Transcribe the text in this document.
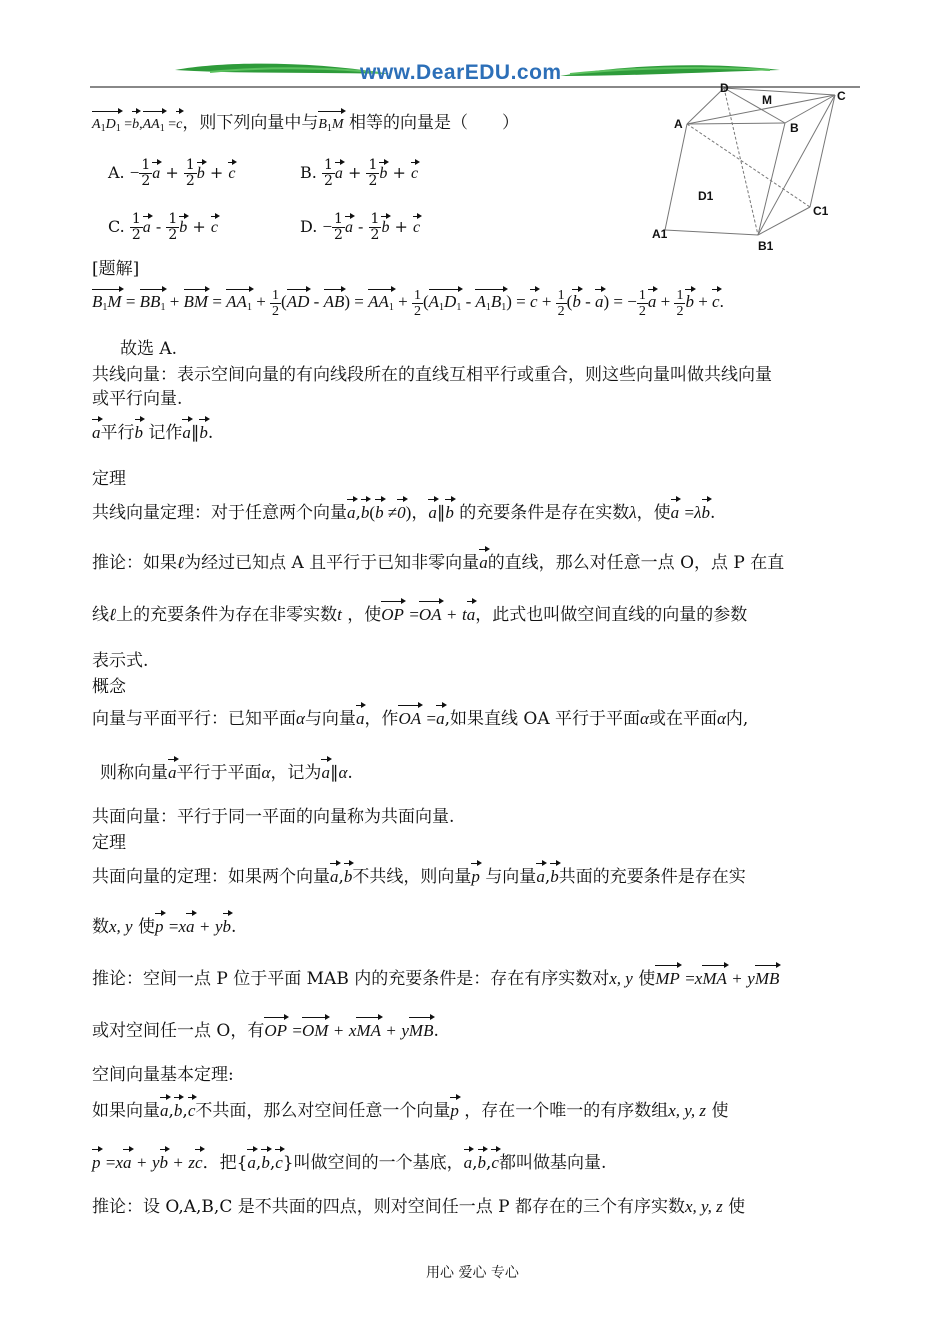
www.DearEDU.com
D
M	C
A	B
D1
C1
A1
B1
$A_1D_1 =b,AA_1 =c$，则下列向量中与$B_1M$ 相等的向量是（　　）
A. − $\frac{1}{2}$ $a + \frac{1}{2}$ b + c	B. $\frac{1}{2}$ $a + \frac{1}{2}$ b + c
C. $\frac{1}{2}$ a - $\frac{1}{2}$ b + c	D. − $\frac{1}{2}$ a - $\frac{1}{2}$ b + c
[题解]
$B_1M = BB_1$ + BM = $AA_1 + \frac{1}{2} (AD - AB) = AA_1 + \frac{1}{2} (A_1D_1 - A_1B_1) = c + \frac{1}{2} (b - a)$ = − $\frac{1}{2}$ $a + \frac{1}{2}$ b + c.
故选 A.
共线向量：表示空间向量的有向线段所在的直线互相平行或重合，则这些向量叫做共线向量
或平行向量.
a平行b 记作a∥b.
定理
共线向量定理：对于任意两个向量a,b(b ≠0)，a∥b 的充要条件是存在实数λ，使a =λb.
推论：如果ℓ为经过已知点 A 且平行于已知非零向量a的直线，那么对任意一点 O，点 P 在直
线ℓ上的充要条件为存在非零实数t ，使OP =OA + ta，此式也叫做空间直线的向量的参数
表示式.
概念
向量与平面平行：已知平面α与向量a，作OA =a,如果直线 OA 平行于平面α或在平面α内,
则称向量a平行于平面α，记为a∥α.
共面向量：平行于同一平面的向量称为共面向量.
定理
共面向量的定理：如果两个向量a,b不共线，则向量p 与向量a,b共面的充要条件是存在实
数x, y 使p =xa + yb.
推论：空间一点 P 位于平面 MAB 内的充要条件是：存在有序实数对x, y 使MP =xMA + yMB
或对空间任一点 O，有OP =OM + xMA + yMB.
空间向量基本定理:
如果向量a,b,c不共面，那么对空间任意一个向量p ，存在一个唯一的有序数组x, y, z 使
p =xa + yb + zc．把{a,b,c}叫做空间的一个基底，a,b,c都叫做基向量.
推论：设 O,A,B,C 是不共面的四点，则对空间任一点 P 都存在的三个有序实数x, y, z 使
用心 爱心 专心
